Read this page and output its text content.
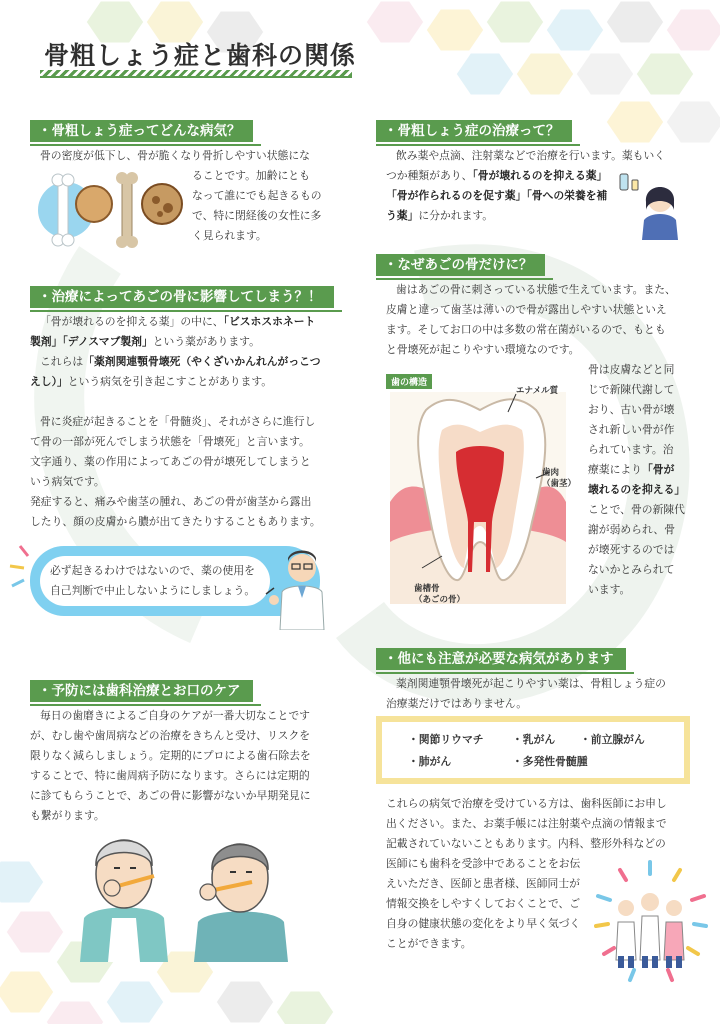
骨粗しょう症と歯科の関係
・骨粗しょう症ってどんな病気？
骨の密度が低下し、骨が脆くなり骨折しやすい状態にな
ることです。加齢にとも
なって誰にでも起きるもの
で、特に閉経後の女性に多
く見られます。
・治療によってあごの骨に影響してしまう？！
「骨が壊れるのを抑える薬」の中に、「ビスホスホネート
製剤」「デノスマブ製剤」という薬があります。
これらは「薬剤関連顎骨壊死（やくざいかんれんがっこつ
えし）」という病気を引き起こすことがあります。
骨に炎症が起きることを「骨髄炎」、それがさらに進行し
て骨の一部が死んでしまう状態を「骨壊死」と言います。
文字通り、薬の作用によってあごの骨が壊死してしまうと
いう病気です。
発症すると、痛みや歯茎の腫れ、あごの骨が歯茎から露出
したり、顔の皮膚から膿が出てきたりすることもあります。
必ず起きるわけではないので、薬の使用を
自己判断で中止しないようにしましょう。
・予防には歯科治療とお口のケア
毎日の歯磨きによるご自身のケアが一番大切なことです
が、むし歯や歯周病などの治療をきちんと受け、リスクを
限りなく減らしましょう。定期的にプロによる歯石除去を
することで、特に歯周病予防になります。さらには定期的
に診てもらうことで、あごの骨に影響がないか早期発見に
も繋がります。
・骨粗しょう症の治療って？
飲み薬や点滴、注射薬などで治療を行います。薬もいく
つか種類があり、「骨が壊れるのを抑える薬」
「骨が作られるのを促す薬」「骨への栄養を補
う薬」に分かれます。
・なぜあごの骨だけに？
歯はあごの骨に刺さっている状態で生えています。また、
皮膚と違って歯茎は薄いので骨が露出しやすい状態といえ
ます。そしてお口の中は多数の常在菌がいるので、もとも
と骨壊死が起こりやすい環境なのです。
歯の構造
エナメル質
歯肉
（歯茎）
歯槽骨
（あごの骨）
骨は皮膚などと同
じで新陳代謝して
おり、古い骨が壊
され新しい骨が作
られています。治
療薬により「骨が
壊れるのを抑える」
ことで、骨の新陳代
謝が弱められ、骨
が壊死するのでは
ないかとみられて
います。
・他にも注意が必要な病気があります
薬剤関連顎骨壊死が起こりやすい薬は、骨粗しょう症の
治療薬だけではありません。
・関節リウマチ	・乳がん ・前立腺がん
・肺がん	・多発性骨髄腫
これらの病気で治療を受けている方は、歯科医師にお申し
出ください。また、お薬手帳には注射薬や点滴の情報まで
記載されていないこともあります。内科、整形外科などの
医師にも歯科を受診中であることをお伝
えいただき、医師と患者様、医師同士が
情報交換をしやすくしておくことで、ご
自身の健康状態の変化をより早く気づく
ことができます。
